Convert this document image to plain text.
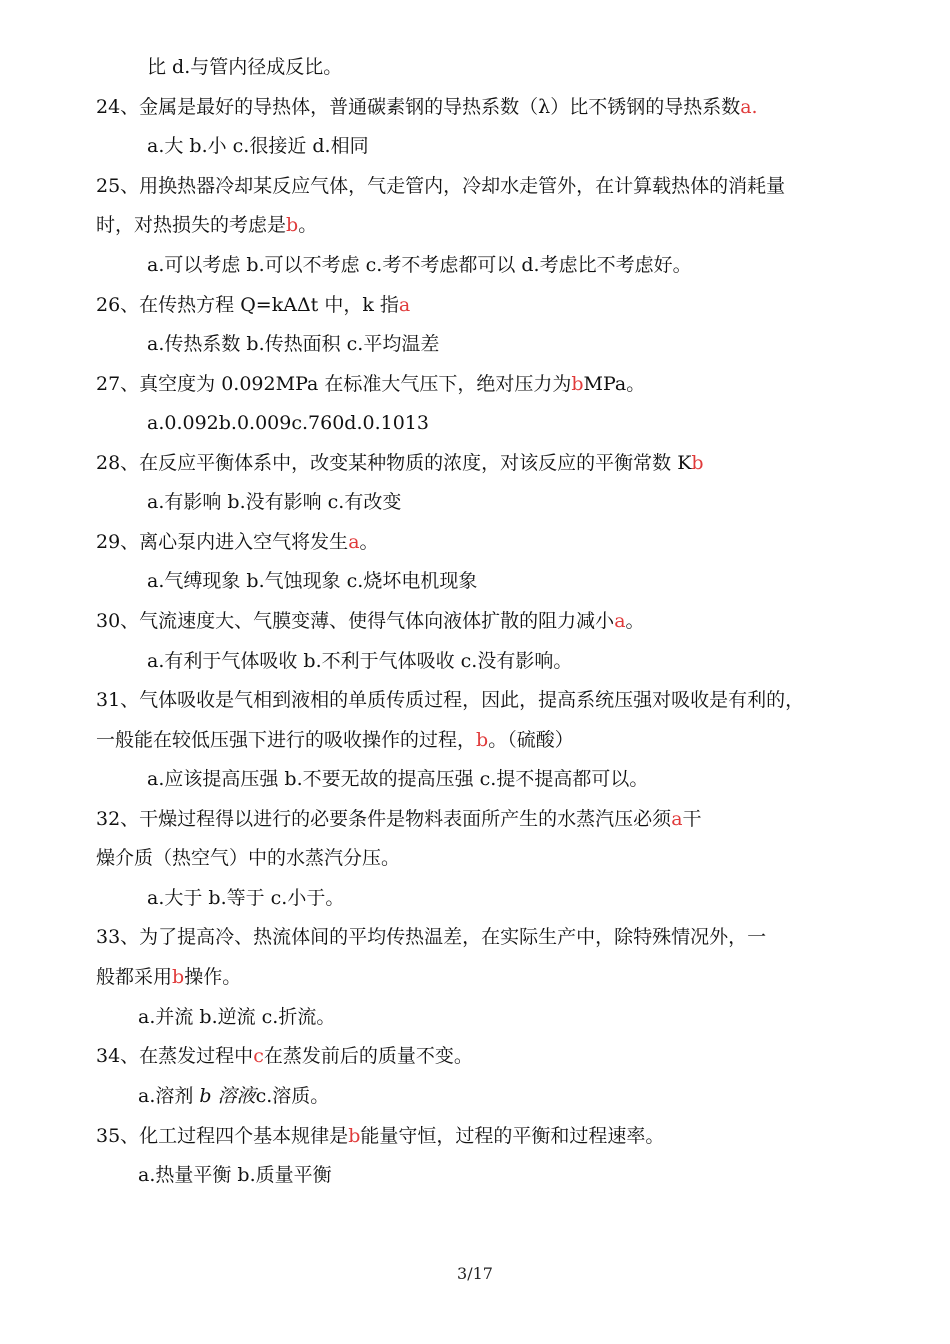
比 d.与管内径成反比。
24、金属是最好的导热体，普通碳素钢的导热系数（λ）比不锈钢的导热系数a.
a.大 b.小 c.很接近 d.相同
25、用换热器冷却某反应气体，气走管内，冷却水走管外，在计算载热体的消耗量
时，对热损失的考虑是b。
a.可以考虑 b.可以不考虑 c.考不考虑都可以 d.考虑比不考虑好。
26、在传热方程 Q=kAΔt 中，k 指a
a.传热系数 b.传热面积 c.平均温差
27、真空度为 0.092MPa 在标准大气压下，绝对压力为bMPa。
a.0.092b.0.009c.760d.0.1013
28、在反应平衡体系中，改变某种物质的浓度，对该反应的平衡常数 Kb
a.有影响 b.没有影响 c.有改变
29、离心泵内进入空气将发生a。
a.气缚现象 b.气蚀现象 c.烧坏电机现象
30、气流速度大、气膜变薄、使得气体向液体扩散的阻力减小a。
a.有利于气体吸收 b.不利于气体吸收 c.没有影响。
31、气体吸收是气相到液相的单质传质过程，因此，提高系统压强对吸收是有利的，
一般能在较低压强下进行的吸收操作的过程，b。（硫酸）
a.应该提高压强 b.不要无故的提高压强 c.提不提高都可以。
32、干燥过程得以进行的必要条件是物料表面所产生的水蒸汽压必须a干
燥介质（热空气）中的水蒸汽分压。
a.大于 b.等于 c.小于。
33、为了提高冷、热流体间的平均传热温差，在实际生产中，除特殊情况外，一
般都采用b操作。
a.并流 b.逆流 c.折流。
34、在蒸发过程中c在蒸发前后的质量不变。
a.溶剂 b 溶液c.溶质。
35、化工过程四个基本规律是b能量守恒，过程的平衡和过程速率。
a.热量平衡 b.质量平衡
3/17
